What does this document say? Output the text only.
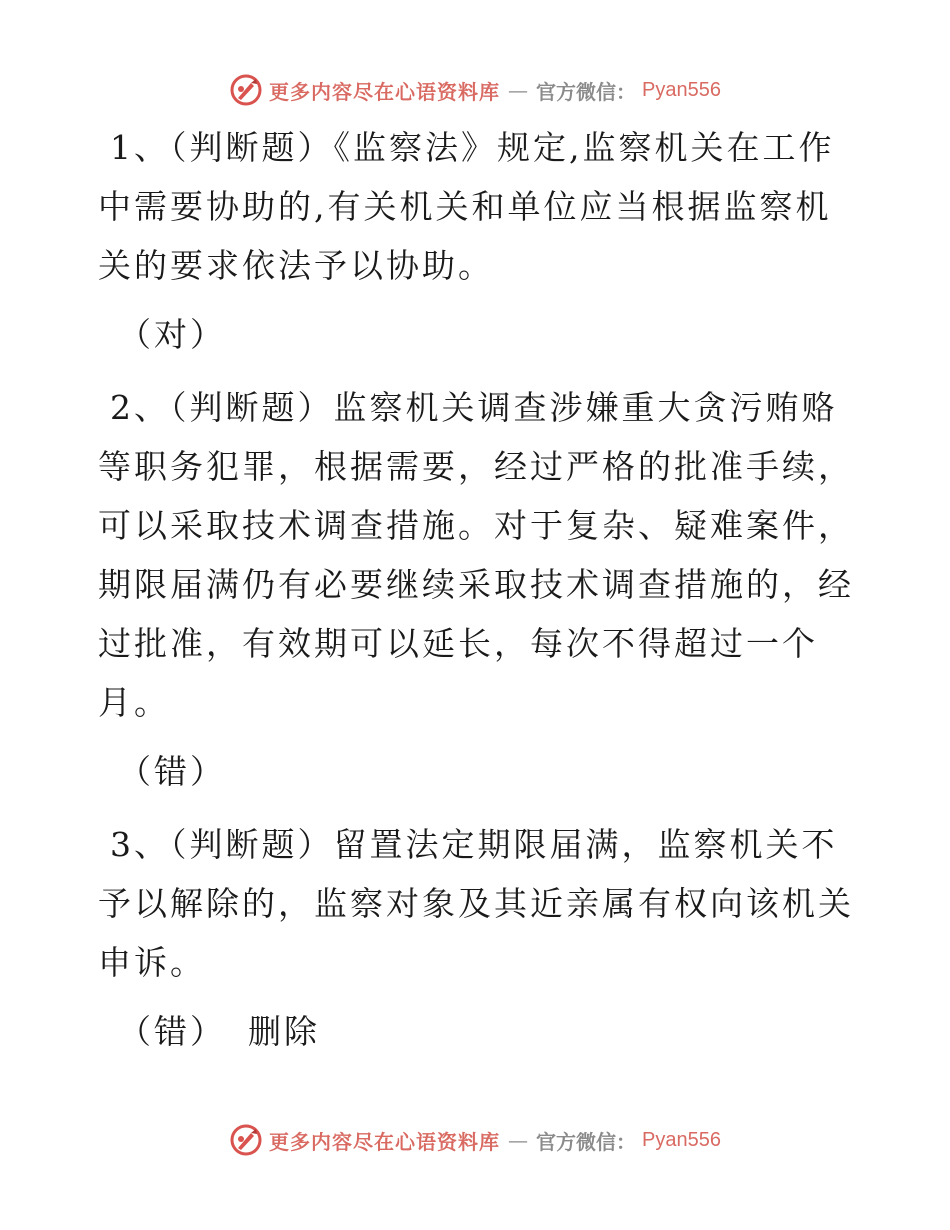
更多内容尽在心语资料库 — 官方微信： Pyan556

1、（判断题）《监察法》规定,监察机关在工作中需要协助的,有关机关和单位应当根据监察机关的要求依法予以协助。

（对）

2、（判断题）监察机关调查涉嫌重大贪污贿赂等职务犯罪，根据需要，经过严格的批准手续，可以采取技术调查措施。对于复杂、疑难案件，期限届满仍有必要继续采取技术调查措施的，经过批准，有效期可以延长，每次不得超过一个月。

（错）

3、（判断题）留置法定期限届满，监察机关不予以解除的，监察对象及其近亲属有权向该机关申诉。

（错） 删除

更多内容尽在心语资料库 — 官方微信： Pyan556
